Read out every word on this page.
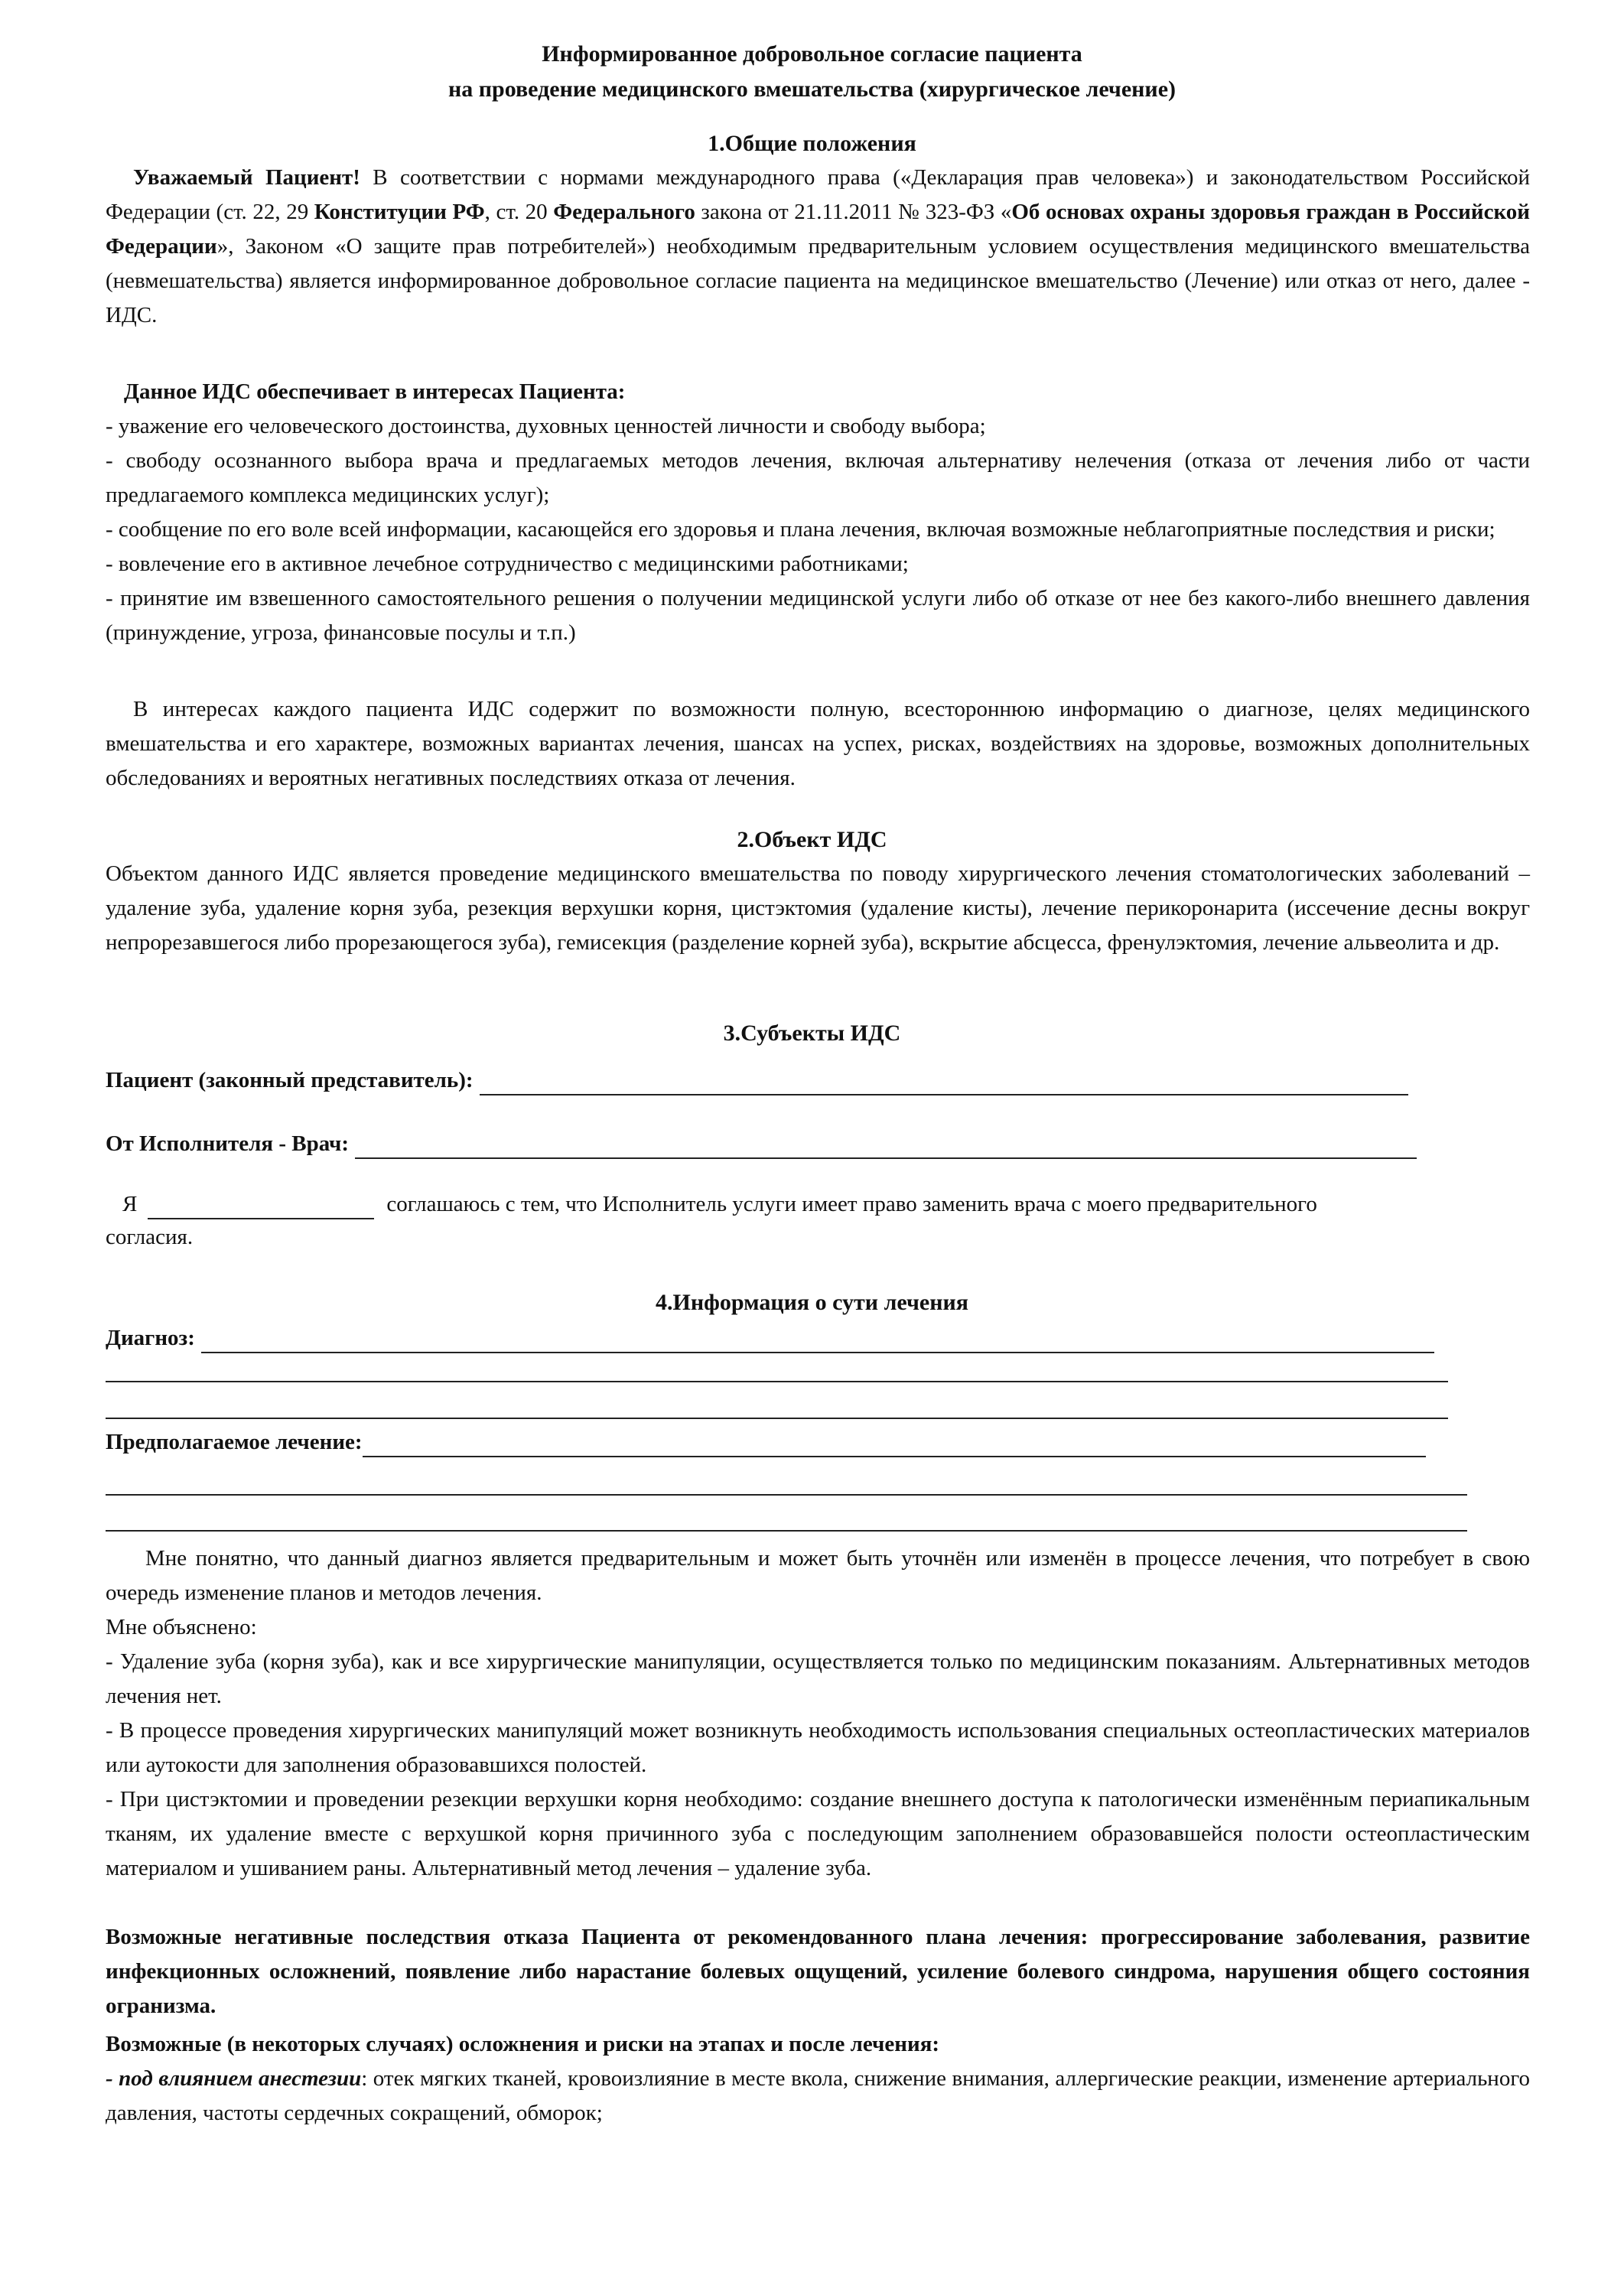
Информированное добровольное согласие пациента
на проведение медицинского вмешательства (хирургическое лечение)
1.Общие положения
Уважаемый Пациент! В соответствии с нормами международного права («Декларация прав человека») и законодательством Российской Федерации (ст. 22, 29 Конституции РФ, ст. 20 Федерального закона от 21.11.2011 № 323-ФЗ «Об основах охраны здоровья граждан в Российской Федерации», Законом «О защите прав потребителей») необходимым предварительным условием осуществления медицинского вмешательства (невмешательства) является информированное добровольное согласие пациента на медицинское вмешательство (Лечение) или отказ от него, далее - ИДС.
Данное ИДС обеспечивает в интересах Пациента:
- уважение его человеческого достоинства, духовных ценностей личности и свободу выбора;
- свободу осознанного выбора врача и предлагаемых методов лечения, включая альтернативу нелечения (отказа от лечения либо от части предлагаемого комплекса медицинских услуг);
- сообщение по его воле всей информации, касающейся его здоровья и плана лечения, включая возможные неблагоприятные последствия и риски;
- вовлечение его в активное лечебное сотрудничество с медицинскими работниками;
- принятие им взвешенного самостоятельного решения о получении медицинской услуги либо об отказе от нее без какого-либо внешнего давления (принуждение, угроза, финансовые посулы и т.п.)
В интересах каждого пациента ИДС содержит по возможности полную, всестороннюю информацию о диагнозе, целях медицинского вмешательства и его характере, возможных вариантах лечения, шансах на успех, рисках, воздействиях на здоровье, возможных дополнительных обследованиях и вероятных негативных последствиях отказа от лечения.
2.Объект ИДС
Объектом данного ИДС является проведение медицинского вмешательства по поводу хирургического лечения стоматологических заболеваний – удаление зуба, удаление корня зуба, резекция верхушки корня, цистэктомия (удаление кисты), лечение перикоронарита (иссечение десны вокруг непрорезавшегося либо прорезающегося зуба), гемисекция (разделение корней зуба), вскрытие абсцесса, френулэктомия, лечение альвеолита и др.
3.Субъекты ИДС
Пациент (законный представитель):
От Исполнителя - Врач:
Я	соглашаюсь с тем, что Исполнитель услуги имеет право заменить врача с моего предварительного
согласия.
4.Информация о сути лечения
Диагноз:
Предполагаемое лечение:
Мне понятно, что данный диагноз является предварительным и может быть уточнён или изменён в процессе лечения, что потребует в свою очередь изменение планов и методов лечения.
Мне объяснено:
- Удаление зуба (корня зуба), как и все хирургические манипуляции, осуществляется только по медицинским показаниям. Альтернативных методов лечения нет.
- В процессе проведения хирургических манипуляций может возникнуть необходимость использования специальных остеопластических материалов или аутокости для заполнения образовавшихся полостей.
- При цистэктомии и проведении резекции верхушки корня необходимо: создание внешнего доступа к патологически изменённым периапикальным тканям, их удаление вместе с верхушкой корня причинного зуба с последующим заполнением образовавшейся полости остеопластическим материалом и ушиванием раны. Альтернативный метод лечения – удаление зуба.
Возможные негативные последствия отказа Пациента от рекомендованного плана лечения: прогрессирование заболевания, развитие инфекционных осложнений, появление либо нарастание болевых ощущений, усиление болевого синдрома, нарушения общего состояния огранизма.
Возможные (в некоторых случаях) осложнения и риски на этапах и после лечения:
- под влиянием анестезии: отек мягких тканей, кровоизлияние в месте вкола, снижение внимания, аллергические реакции, изменение артериального давления, частоты сердечных сокращений, обморок;
